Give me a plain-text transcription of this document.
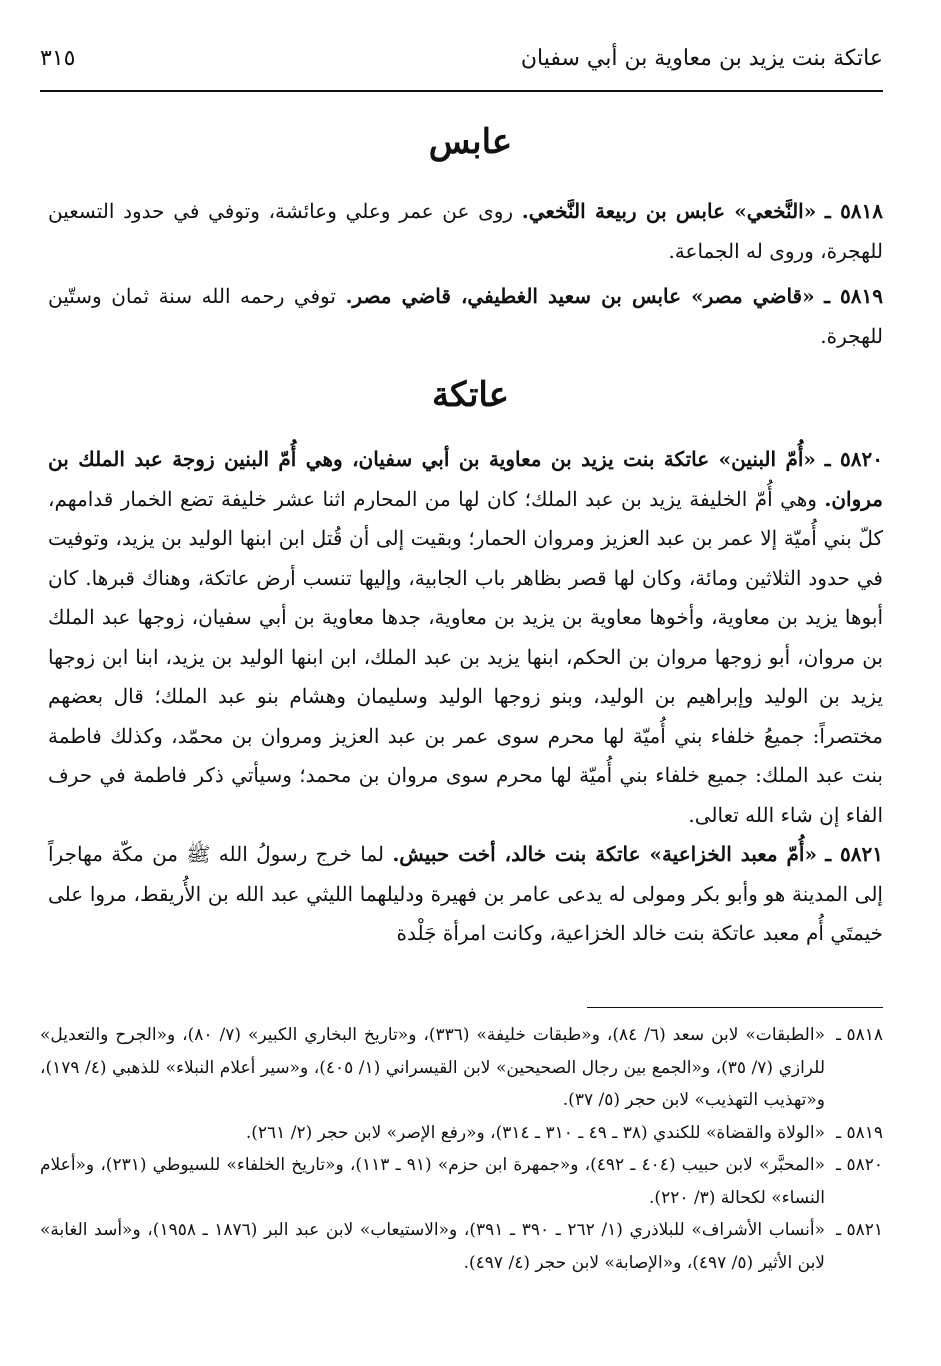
عاتكة بنت يزيد بن معاوية بن أبي سفيان
٣١٥
عابس

٥٨١٨ ـ «النَّخعي» عابس بن ربيعة النَّخعي. روى عن عمر وعلي وعائشة، وتوفي في حدود التسعين للهجرة، وروى له الجماعة.

٥٨١٩ ـ «قاضي مصر» عابس بن سعيد الغطيفي، قاضي مصر. توفي رحمه الله سنة ثمان وستّين للهجرة.

عاتكة

٥٨٢٠ ـ «أُمّ البنين» عاتكة بنت يزيد بن معاوية بن أبي سفيان، وهي أُمّ البنين زوجة عبد الملك بن مروان. وهي أُمّ الخليفة يزيد بن عبد الملك؛ كان لها من المحارم اثنا عشر خليفة تضع الخمار قدامهم، كلّ بني أُميّة إلا عمر بن عبد العزيز ومروان الحمار؛ وبقيت إلى أن قُتل ابن ابنها الوليد بن يزيد، وتوفيت في حدود الثلاثين ومائة، وكان لها قصر بظاهر باب الجابية، وإليها تنسب أرض عاتكة، وهناك قبرها. كان أبوها يزيد بن معاوية، وأخوها معاوية بن يزيد بن معاوية، جدها معاوية بن أبي سفيان، زوجها عبد الملك بن مروان، أبو زوجها مروان بن الحكم، ابنها يزيد بن عبد الملك، ابن ابنها الوليد بن يزيد، ابنا ابن زوجها يزيد بن الوليد وإبراهيم بن الوليد، وبنو زوجها الوليد وسليمان وهشام بنو عبد الملك؛ قال بعضهم مختصراً: جميعُ خلفاء بني أُميّة لها محرم سوى عمر بن عبد العزيز ومروان بن محمّد، وكذلك فاطمة بنت عبد الملك: جميع خلفاء بني أُميّة لها محرم سوى مروان بن محمد؛ وسيأتي ذكر فاطمة في حرف الفاء إن شاء الله تعالى.

٥٨٢١ ـ «أُمّ معبد الخزاعية» عاتكة بنت خالد، أخت حبيش. لما خرج رسولُ الله ﷺ من مكّة مهاجراً إلى المدينة هو وأبو بكر ومولى له يدعى عامر بن فهيرة ودليلهما الليثي عبد الله بن الأُريقط، مروا على خيمتَي أُم معبد عاتكة بنت خالد الخزاعية، وكانت امرأة جَلْدة

٥٨١٨ ـ«الطبقات» لابن سعد (٦/ ٨٤)، و«طبقات خليفة» (٣٣٦)، و«تاريخ البخاري الكبير» (٧/ ٨٠)، و«الجرح والتعديل» للرازي (٧/ ٣٥)، و«الجمع بين رجال الصحيحين» لابن القيسراني (١/ ٤٠٥)، و«سير أعلام النبلاء» للذهبي (٤/ ١٧٩)، و«تهذيب التهذيب» لابن حجر (٥/ ٣٧).

٥٨١٩ ـ«الولاة والقضاة» للكندي (٣٨ ـ ٤٩ ـ ٣١٠ ـ ٣١٤)، و«رفع الإصر» لابن حجر (٢/ ٢٦١).

٥٨٢٠ ـ«المحبَّر» لابن حبيب (٤٠٤ ـ ٤٩٢)، و«جمهرة ابن حزم» (٩١ ـ ١١٣)، و«تاريخ الخلفاء» للسيوطي (٢٣١)، و«أعلام النساء» لكحالة (٣/ ٢٢٠).

٥٨٢١ ـ«أنساب الأشراف» للبلاذري (١/ ٢٦٢ ـ ٣٩٠ ـ ٣٩١)، و«الاستيعاب» لابن عبد البر (١٨٧٦ ـ ١٩٥٨)، و«أسد الغابة» لابن الأثير (٥/ ٤٩٧)، و«الإصابة» لابن حجر (٤/ ٤٩٧).
